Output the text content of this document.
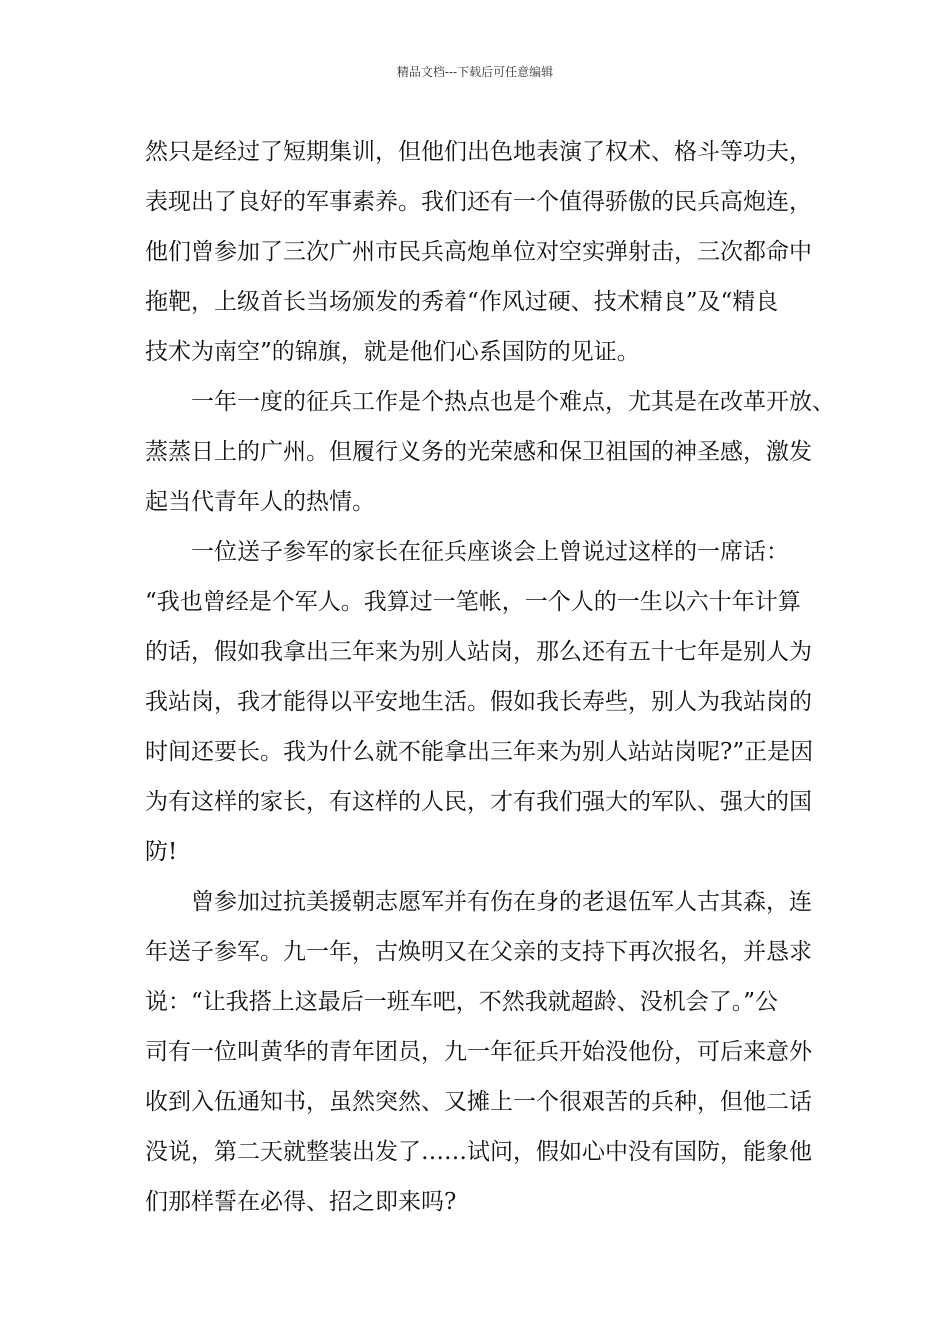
精品文档---下载后可任意编辑
然只是经过了短期集训，但他们出色地表演了权术、格斗等功夫，
表现出了良好的军事素养。我们还有一个值得骄傲的民兵高炮连，
他们曾参加了三次广州市民兵高炮单位对空实弹射击，三次都命中
拖靶，上级首长当场颁发的秀着“作风过硬、技术精良”及“精良
技术为南空”的锦旗，就是他们心系国防的见证。
一年一度的征兵工作是个热点也是个难点，尤其是在改革开放、
蒸蒸日上的广州。但履行义务的光荣感和保卫祖国的神圣感，激发
起当代青年人的热情。
一位送子参军的家长在征兵座谈会上曾说过这样的一席话：
“我也曾经是个军人。我算过一笔帐，一个人的一生以六十年计算
的话，假如我拿出三年来为别人站岗，那么还有五十七年是别人为
我站岗，我才能得以平安地生活。假如我长寿些，别人为我站岗的
时间还要长。我为什么就不能拿出三年来为别人站站岗呢?”正是因
为有这样的家长，有这样的人民，才有我们强大的军队、强大的国
防!
曾参加过抗美援朝志愿军并有伤在身的老退伍军人古其森，连
年送子参军。九一年，古焕明又在父亲的支持下再次报名，并恳求
说：“让我搭上这最后一班车吧，不然我就超龄、没机会了。”公
司有一位叫黄华的青年团员，九一年征兵开始没他份，可后来意外
收到入伍通知书，虽然突然、又摊上一个很艰苦的兵种，但他二话
没说，第二天就整装出发了……试问，假如心中没有国防，能象他
们那样誓在必得、招之即来吗?
